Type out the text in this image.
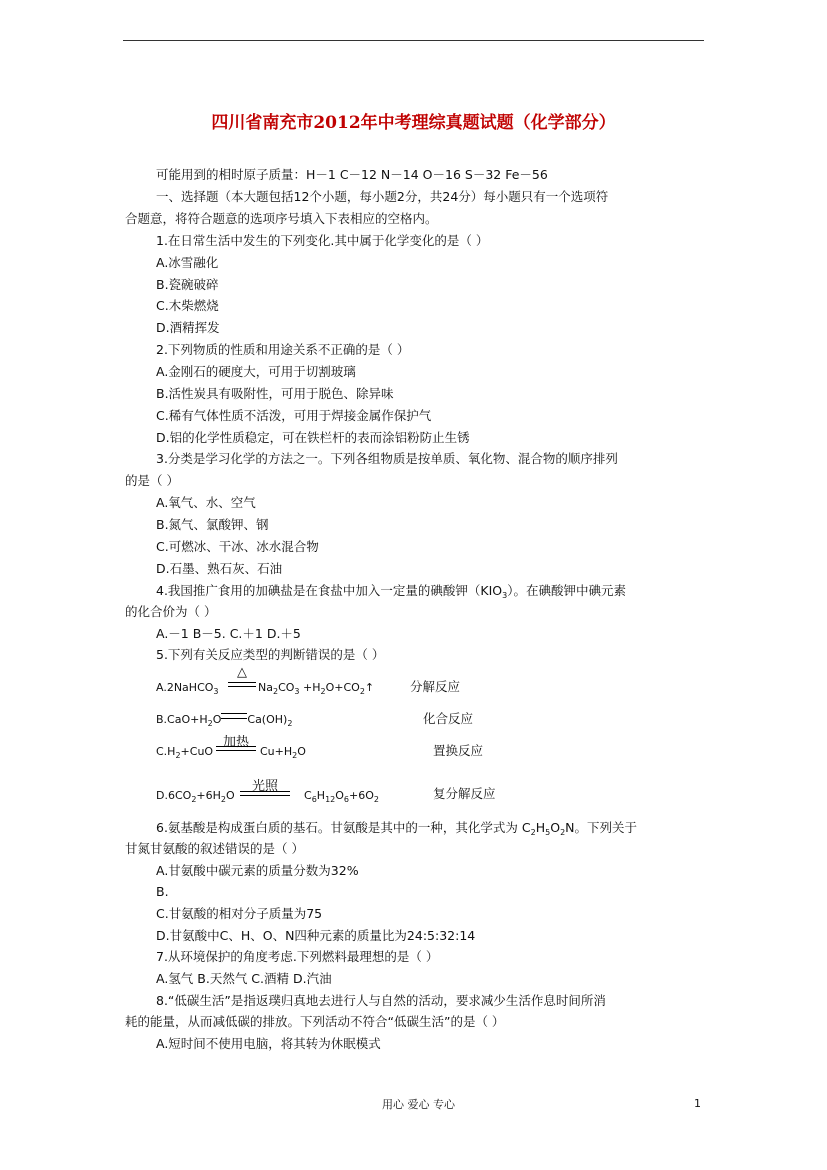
四川省南充市2012年中考理综真题试题（化学部分）
可能用到的相时原子质量：H－1 C－12 N－14 O－16 S－32 Fe－56
一、选择题（本大题包括12个小题，每小题2分，共24分）每小题只有一个选项符
合题意，将符合题意的选项序号填入下表相应的空格内。
1.在日常生活中发生的下列变化.其中属于化学变化的是（ ）
A.冰雪融化
B.瓷碗破碎
C.木柴燃烧
D.酒精挥发
2.下列物质的性质和用途关系不正确的是（ ）
A.金刚石的硬度大，可用于切割玻璃
B.活性炭具有吸附性，可用于脱色、除异味
C.稀有气体性质不活泼，可用于焊接金属作保护气
D.铝的化学性质稳定，可在铁栏杆的表而涂铝粉防止生锈
3.分类是学习化学的方法之一。下列各组物质是按单质、氧化物、混合物的顺序排列
的是（ ）
A.氧气、水、空气
B.氮气、氯酸钾、钢
C.可燃冰、干冰、冰水混合物
D.石墨、熟石灰、石油
4.我国推广食用的加碘盐是在食盐中加入一定量的碘酸钾$(KIO_3)$。在碘酸钾中碘元素
的化合价为（ ）
A.－1 B－5. C.＋1 D.＋5
5.下列有关反应类型的判断错误的是（ ）
A.2NaHCO$_3$
△
$Na_2CO_3$ $+H_2O+CO_2↑$	分解反应
$B.CaO+H_2O$ $Ca(OH)_2$	化合反应
加热
$C.H_2+CuO$	$Cu+H_2O$	置换反应
光照
$D.6CO_2+6H_2O$	$C_6H_{12}O_6+6O_2$	复分解反应
6.氨基酸是构成蛋白质的基石。甘氨酸是其中的一种，其化学式为 $C_2H_5O_2N$。下列关于
甘氮甘氨酸的叙述错误的是（ ）
A.甘氨酸中碳元素的质量分数为32%
B.
C.甘氨酸的相对分子质量为75
D.甘氨酸中C、H、O、N四种元素的质量比为24:5:32:14
7.从环境保护的角度考虑.下列燃料最理想的是（ ）
A.氢气 B.天然气 C.酒精 D.汽油
8.“低碳生活”是指返璞归真地去进行人与自然的活动，要求减少生活作息时间所消
耗的能量，从而减低碳的排放。下列活动不符合“低碳生活”的是（ ）
A.短时间不使用电脑，将其转为休眠模式
用心 爱心 专心	1
